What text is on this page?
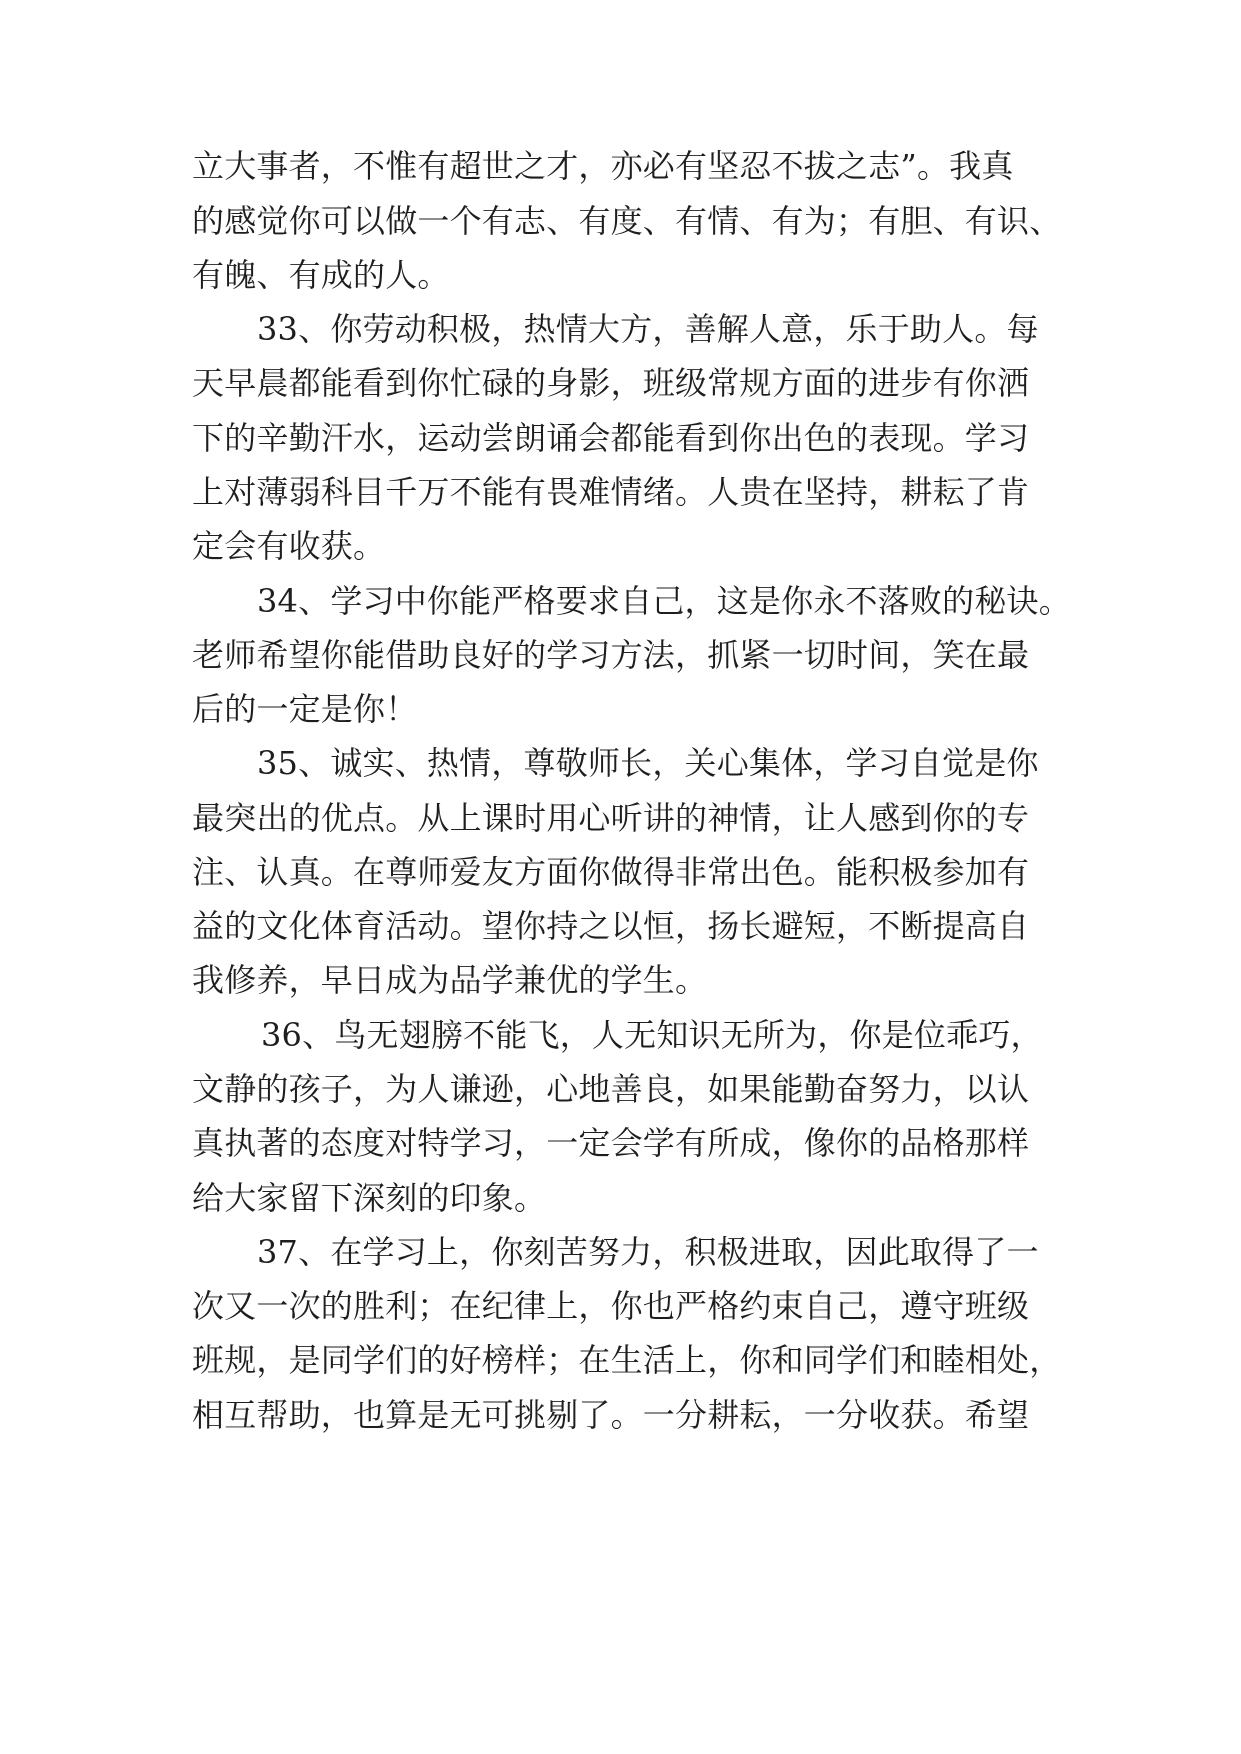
立大事者，不惟有超世之才，亦必有坚忍不拔之志”。我真
的感觉你可以做一个有志、有度、有情、有为；有胆、有识、
有魄、有成的人。
33、你劳动积极，热情大方，善解人意，乐于助人。每
天早晨都能看到你忙碌的身影，班级常规方面的进步有你洒
下的辛勤汗水，运动尝朗诵会都能看到你出色的表现。学习
上对薄弱科目千万不能有畏难情绪。人贵在坚持，耕耘了肯
定会有收获。
34、学习中你能严格要求自己，这是你永不落败的秘诀。
老师希望你能借助良好的学习方法，抓紧一切时间，笑在最
后的一定是你！
35、诚实、热情，尊敬师长，关心集体，学习自觉是你
最突出的优点。从上课时用心听讲的神情，让人感到你的专
注、认真。在尊师爱友方面你做得非常出色。能积极参加有
益的文化体育活动。望你持之以恒，扬长避短，不断提高自
我修养，早日成为品学兼优的学生。
36、鸟无翅膀不能飞，人无知识无所为，你是位乖巧，
文静的孩子，为人谦逊，心地善良，如果能勤奋努力，以认
真执著的态度对特学习，一定会学有所成，像你的品格那样
给大家留下深刻的印象。
37、在学习上，你刻苦努力，积极进取，因此取得了一
次又一次的胜利；在纪律上，你也严格约束自己，遵守班级
班规，是同学们的好榜样；在生活上，你和同学们和睦相处，
相互帮助，也算是无可挑剔了。一分耕耘，一分收获。希望
